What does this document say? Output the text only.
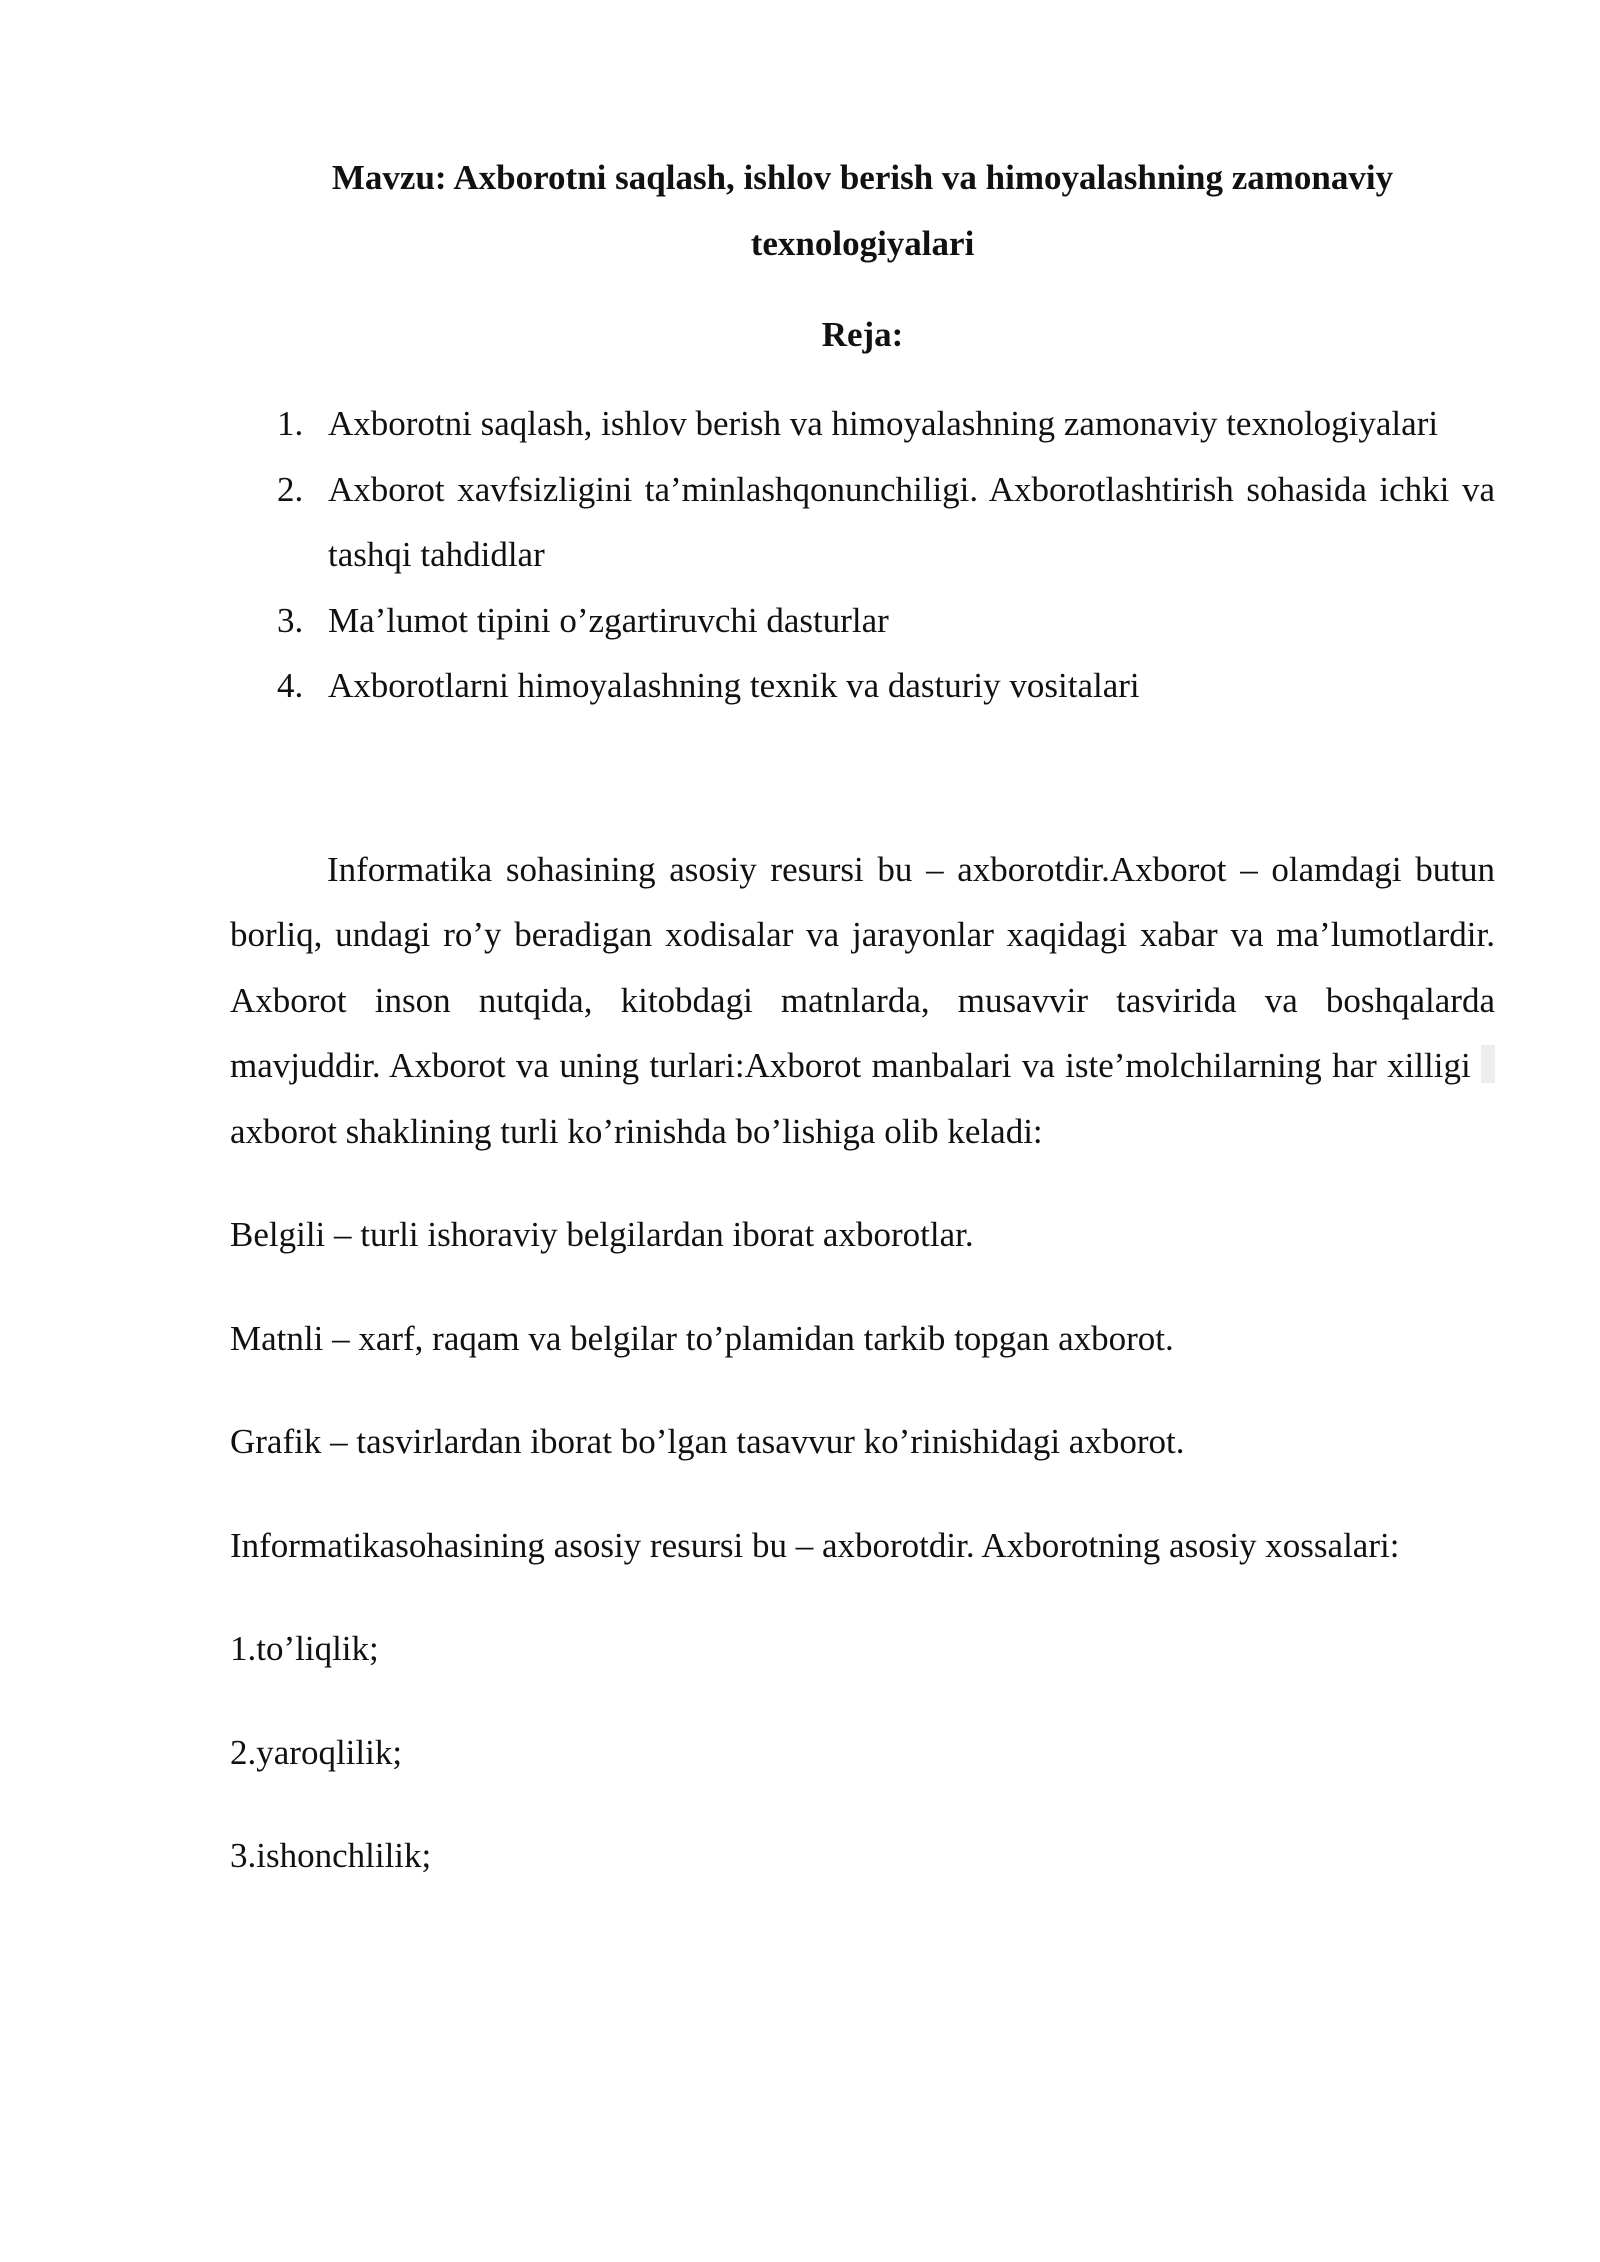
Mavzu: Axborotni saqlash, ishlov berish va himoyalashning zamonaviy texnologiyalari
Reja:
1. Axborotni saqlash, ishlov berish va himoyalashning zamonaviy texnologiyalari
2. Axborot xavfsizligini ta’minlashqonunchiligi. Axborotlashtirish sohasida ichki va tashqi tahdidlar
3. Ma’lumot tipini o’zgartiruvchi dasturlar
4. Axborotlarni himoyalashning texnik va dasturiy vositalari

Informatika sohasining asosiy resursi bu – axborotdir.Axborot – olamdagi butun borliq, undagi ro’y beradigan xodisalar va jarayonlar xaqidagi xabar va ma’lumotlardir. Axborot inson nutqida, kitobdagi matnlarda, musavvir tasvirida va boshqalarda mavjuddir. Axborot va uning turlari:Axborot manbalari va iste’molchilarning har xilligi axborot shaklining turli ko’rinishda bo’lishiga olib keladi:

Belgili – turli ishoraviy belgilardan iborat axborotlar.

Matnli – xarf, raqam va belgilar to’plamidan tarkib topgan axborot.

Grafik – tasvirlardan iborat bo’lgan tasavvur ko’rinishidagi axborot.

Informatikasohasining asosiy resursi bu – axborotdir. Axborotning asosiy xossalari:

1.to’liqlik;
2.yaroqlilik;
3.ishonchlilik;
